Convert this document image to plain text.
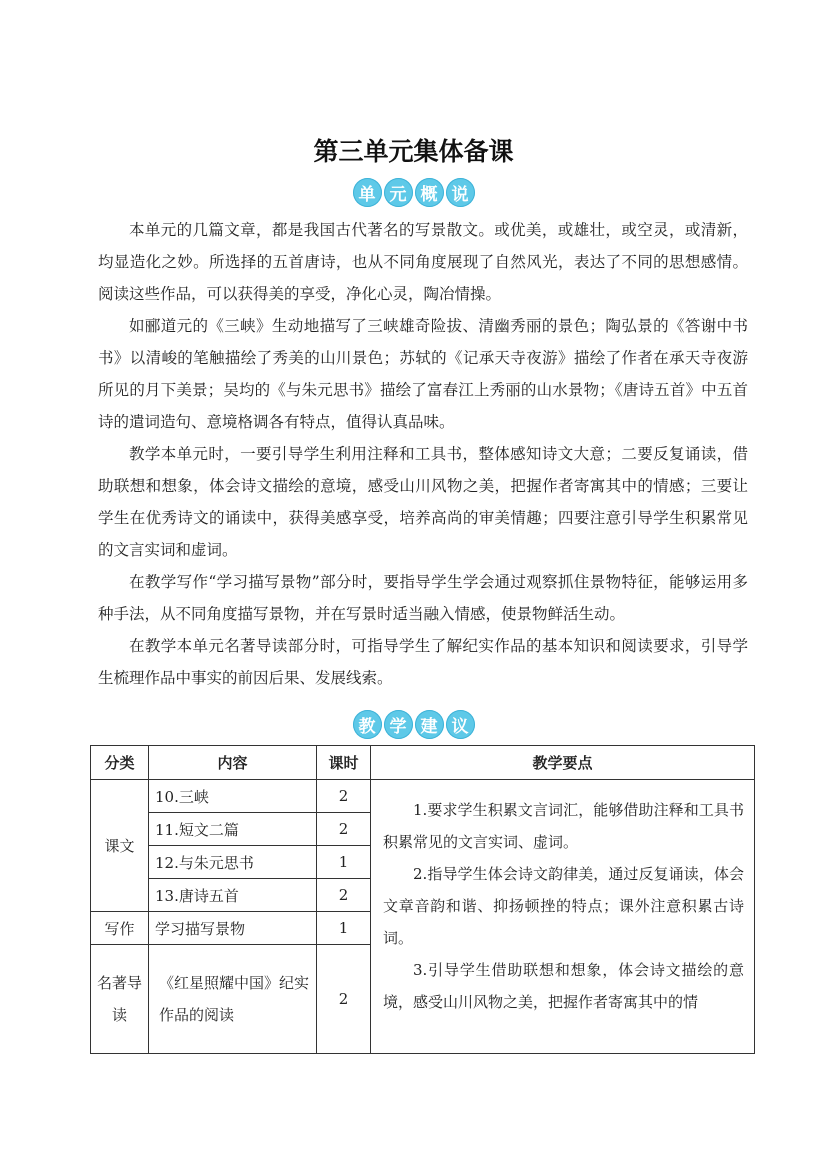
第三单元集体备课
单 元 概 说

本单元的几篇文章，都是我国古代著名的写景散文。或优美，或雄壮，或空灵，或清新，均显造化之妙。所选择的五首唐诗，也从不同角度展现了自然风光，表达了不同的思想感情。阅读这些作品，可以获得美的享受，净化心灵，陶冶情操。

如郦道元的《三峡》生动地描写了三峡雄奇险拔、清幽秀丽的景色；陶弘景的《答谢中书书》以清峻的笔触描绘了秀美的山川景色；苏轼的《记承天寺夜游》描绘了作者在承天寺夜游所见的月下美景；吴均的《与朱元思书》描绘了富春江上秀丽的山水景物；《唐诗五首》中五首诗的遣词造句、意境格调各有特点，值得认真品味。

教学本单元时，一要引导学生利用注释和工具书，整体感知诗文大意；二要反复诵读，借助联想和想象，体会诗文描绘的意境，感受山川风物之美，把握作者寄寓其中的情感；三要让学生在优秀诗文的诵读中，获得美感享受，培养高尚的审美情趣；四要注意引导学生积累常见的文言实词和虚词。

在教学写作“学习描写景物”部分时，要指导学生学会通过观察抓住景物特征，能够运用多种手法，从不同角度描写景物，并在写景时适当融入情感，使景物鲜活生动。

在教学本单元名著导读部分时，可指导学生了解纪实作品的基本知识和阅读要求，引导学生梳理作品中事实的前因后果、发展线索。

教 学 建 议
分类	内容	课时	教学要点
课文	10.三峡	2	1.要求学生积累文言词汇，能够借助注释和工具书积累常见的文言实词、虚词。

2.指导学生体会诗文韵律美，通过反复诵读，体会文章音韵和谐、抑扬顿挫的特点；课外注意积累古诗词。

3.引导学生借助联想和想象，体会诗文描绘的意境，感受山川风物之美，把握作者寄寓其中的情

	11.短文二篇	2	
	12.与朱元思书	1	
	13.唐诗五首	2	
写作	学习描写景物	1	
名著导读	《红星照耀中国》纪实作品的阅读	2	
